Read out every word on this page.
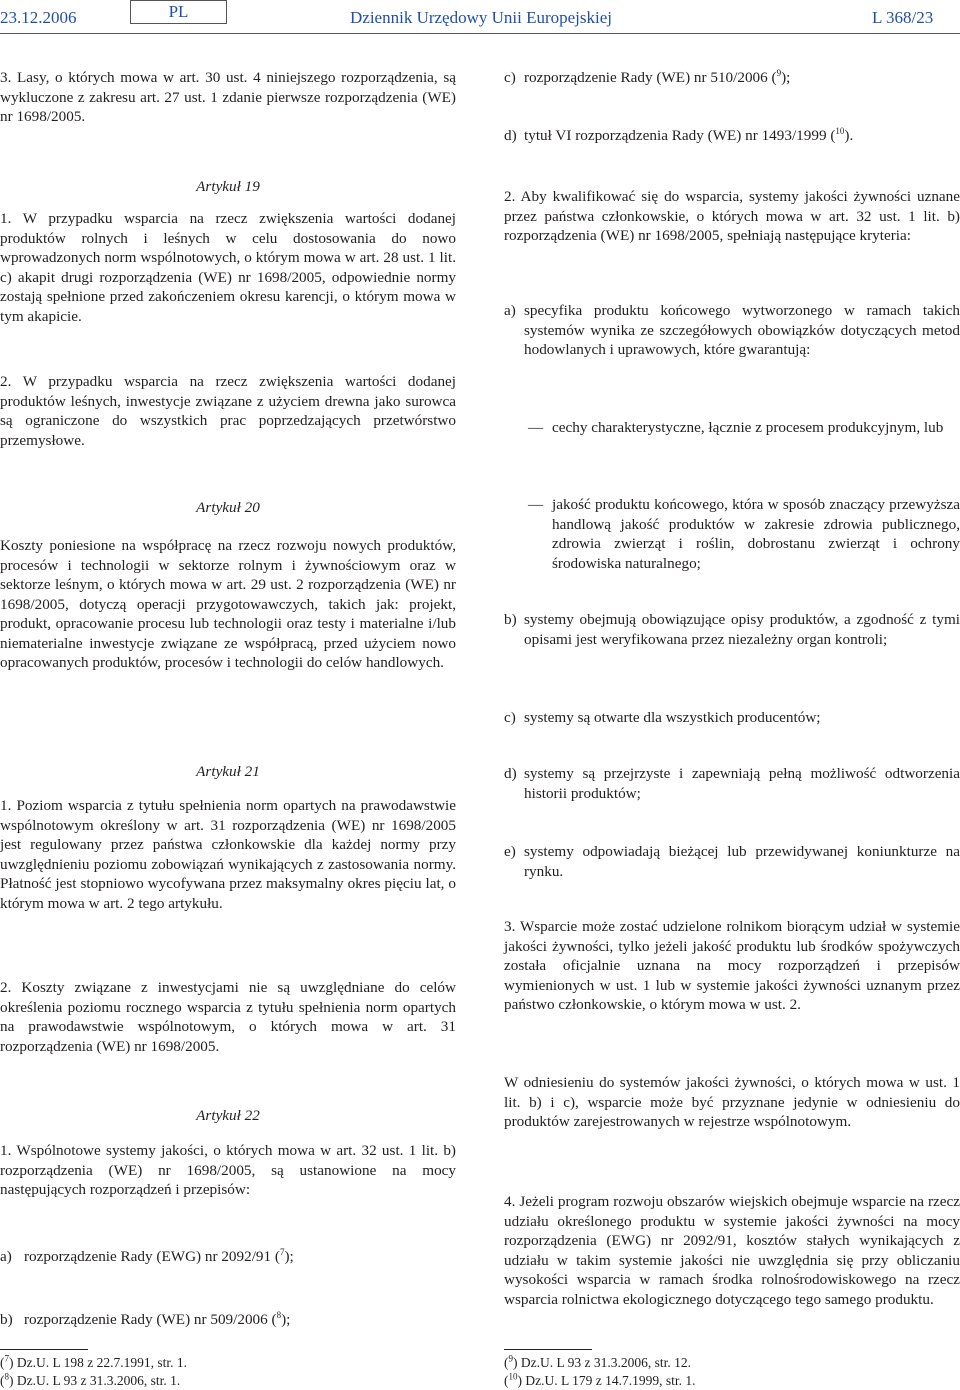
23.12.2006	PL	Dziennik Urzędowy Unii Europejskiej	L 368/23

3. Lasy, o których mowa w art. 30 ust. 4 niniejszego rozporządzenia, są wykluczone z zakresu art. 27 ust. 1 zdanie pierwsze rozporządzenia (WE) nr 1698/2005.

Artykuł 19

1. W przypadku wsparcia na rzecz zwiększenia wartości dodanej produktów rolnych i leśnych w celu dostosowania do nowo wprowadzonych norm wspólnotowych, o którym mowa w art. 28 ust. 1 lit. c) akapit drugi rozporządzenia (WE) nr 1698/2005, odpowiednie normy zostają spełnione przed zakończeniem okresu karencji, o którym mowa w tym akapicie.

2. W przypadku wsparcia na rzecz zwiększenia wartości dodanej produktów leśnych, inwestycje związane z użyciem drewna jako surowca są ograniczone do wszystkich prac poprzedzających przetwórstwo przemysłowe.

Artykuł 20

Koszty poniesione na współpracę na rzecz rozwoju nowych produktów, procesów i technologii w sektorze rolnym i żywnościowym oraz w sektorze leśnym, o których mowa w art. 29 ust. 2 rozporządzenia (WE) nr 1698/2005, dotyczą operacji przygotowawczych, takich jak: projekt, produkt, opracowanie procesu lub technologii oraz testy i materialne i/lub niematerialne inwestycje związane ze współpracą, przed użyciem nowo opracowanych produktów, procesów i technologii do celów handlowych.

Artykuł 21

1. Poziom wsparcia z tytułu spełnienia norm opartych na prawodawstwie wspólnotowym określony w art. 31 rozporządzenia (WE) nr 1698/2005 jest regulowany przez państwa członkowskie dla każdej normy przy uwzględnieniu poziomu zobowiązań wynikających z zastosowania normy. Płatność jest stopniowo wycofywana przez maksymalny okres pięciu lat, o którym mowa w art. 2 tego artykułu.

2. Koszty związane z inwestycjami nie są uwzględniane do celów określenia poziomu rocznego wsparcia z tytułu spełnienia norm opartych na prawodawstwie wspólnotowym, o których mowa w art. 31 rozporządzenia (WE) nr 1698/2005.

Artykuł 22

1. Wspólnotowe systemy jakości, o których mowa w art. 32 ust. 1 lit. b) rozporządzenia (WE) nr 1698/2005, są ustanowione na mocy następujących rozporządzeń i przepisów:

a) rozporządzenie Rady (EWG) nr 2092/91 ($^7$);
b) rozporządzenie Rady (WE) nr 509/2006 ($^8$);
($^7$) Dz.U. L 198 z 22.7.1991, str. 1.
($^8$) Dz.U. L 93 z 31.3.2006, str. 1.
c) rozporządzenie Rady (WE) nr 510/2006 ($^9$);
d) tytuł VI rozporządzenia Rady (WE) nr 1493/1999 ($^{10}$).

2. Aby kwalifikować się do wsparcia, systemy jakości żywności uznane przez państwa członkowskie, o których mowa w art. 32 ust. 1 lit. b) rozporządzenia (WE) nr 1698/2005, spełniają następujące kryteria:

a) specyfika produktu końcowego wytworzonego w ramach takich systemów wynika ze szczegółowych obowiązków dotyczących metod hodowlanych i uprawowych, które gwarantują:
— cechy charakterystyczne, łącznie z procesem produkcyjnym, lub
— jakość produktu końcowego, która w sposób znaczący przewyższa handlową jakość produktów w zakresie zdrowia publicznego, zdrowia zwierząt i roślin, dobrostanu zwierząt i ochrony środowiska naturalnego;
b) systemy obejmują obowiązujące opisy produktów, a zgodność z tymi opisami jest weryfikowana przez niezależny organ kontroli;
c) systemy są otwarte dla wszystkich producentów;
d) systemy są przejrzyste i zapewniają pełną możliwość odtworzenia historii produktów;
e) systemy odpowiadają bieżącej lub przewidywanej koniunkturze na rynku.

3. Wsparcie może zostać udzielone rolnikom biorącym udział w systemie jakości żywności, tylko jeżeli jakość produktu lub środków spożywczych została oficjalnie uznana na mocy rozporządzeń i przepisów wymienionych w ust. 1 lub w systemie jakości żywności uznanym przez państwo członkowskie, o którym mowa w ust. 2.

W odniesieniu do systemów jakości żywności, o których mowa w ust. 1 lit. b) i c), wsparcie może być przyznane jedynie w odniesieniu do produktów zarejestrowanych w rejestrze wspólnotowym.

4. Jeżeli program rozwoju obszarów wiejskich obejmuje wsparcie na rzecz udziału określonego produktu w systemie jakości żywności na mocy rozporządzenia (EWG) nr 2092/91, kosztów stałych wynikających z udziału w takim systemie jakości nie uwzględnia się przy obliczaniu wysokości wsparcia w ramach środka rolnośrodowiskowego na rzecz wsparcia rolnictwa ekologicznego dotyczącego tego samego produktu.

($^9$) Dz.U. L 93 z 31.3.2006, str. 12.
($^{10}$) Dz.U. L 179 z 14.7.1999, str. 1.
